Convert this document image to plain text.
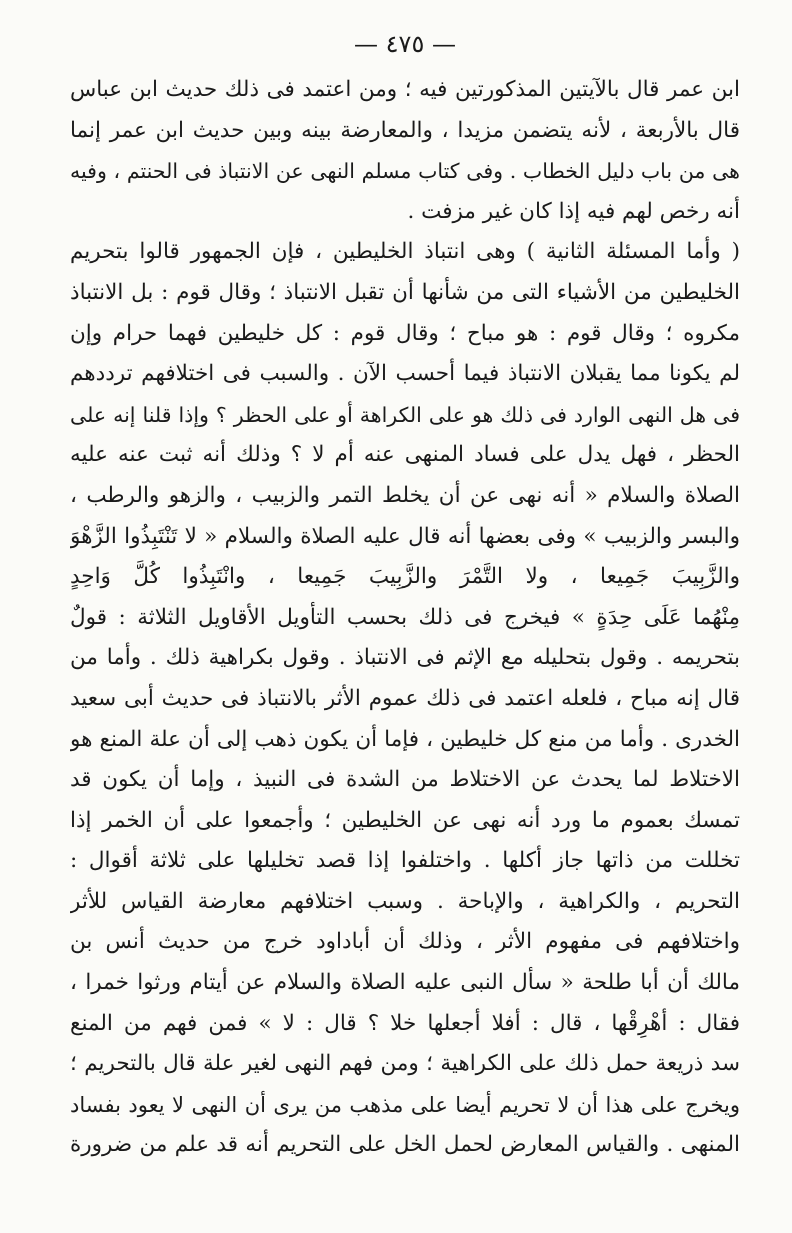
— ٤٧٥ —
ابن عمر قال بالآيتين المذكورتين فيه ؛ ومن اعتمد فى ذلك حديث ابن عباس
قال بالأربعة ، لأنه يتضمن مزيدا ، والمعارضة بينه وبين حديث ابن عمر إنما
هى من باب دليل الخطاب . وفى كتاب مسلم النهى عن الانتباذ فى الحنتم ، وفيه
أنه رخص لهم فيه إذا كان غير مزفت .
( وأما المسئلة الثانية ) وهى انتباذ الخليطين ، فإن الجمهور قالوا بتحريم
الخليطين من الأشياء التى من شأنها أن تقبل الانتباذ ؛ وقال قوم : بل الانتباذ
مكروه ؛ وقال قوم : هو مباح ؛ وقال قوم : كل خليطين فهما حرام وإن
لم يكونا مما يقبلان الانتباذ فيما أحسب الآن . والسبب فى اختلافهم ترددهم
فى هل النهى الوارد فى ذلك هو على الكراهة أو على الحظر ؟ وإذا قلنا إنه على
الحظر ، فهل يدل على فساد المنهى عنه أم لا ؟ وذلك أنه ثبت عنه عليه
الصلاة والسلام « أنه نهى عن أن يخلط التمر والزبيب ، والزهو والرطب ،
والبسر والزبيب » وفى بعضها أنه قال عليه الصلاة والسلام « لا تَنْتَبِذُوا الزَّهْوَ
والزَّبِيبَ جَمِيعا ، ولا التَّمْرَ والزَّبِيبَ جَمِيعا ، وانْتَبِذُوا كُلَّ وَاحِدٍ
مِنْهُما عَلَى حِدَةٍ » فيخرج فى ذلك بحسب التأويل الأقاويل الثلاثة : قولٌ
بتحريمه . وقول بتحليله مع الإثم فى الانتباذ . وقول بكراهية ذلك . وأما من
قال إنه مباح ، فلعله اعتمد فى ذلك عموم الأثر بالانتباذ فى حديث أبى سعيد
الخدرى . وأما من منع كل خليطين ، فإما أن يكون ذهب إلى أن علة المنع هو
الاختلاط لما يحدث عن الاختلاط من الشدة فى النبيذ ، وإما أن يكون قد
تمسك بعموم ما ورد أنه نهى عن الخليطين ؛ وأجمعوا على أن الخمر إذا
تخللت من ذاتها جاز أكلها . واختلفوا إذا قصد تخليلها على ثلاثة أقوال :
التحريم ، والكراهية ، والإباحة . وسبب اختلافهم معارضة القياس للأثر
واختلافهم فى مفهوم الأثر ، وذلك أن أباداود خرج من حديث أنس بن
مالك أن أبا طلحة « سأل النبى عليه الصلاة والسلام عن أيتام ورثوا خمرا ،
فقال : أهْرِقْها ، قال : أفلا أجعلها خلا ؟ قال : لا » فمن فهم من المنع
سد ذريعة حمل ذلك على الكراهية ؛ ومن فهم النهى لغير علة قال بالتحريم ؛
ويخرج على هذا أن لا تحريم أيضا على مذهب من يرى أن النهى لا يعود بفساد
المنهى . والقياس المعارض لحمل الخل على التحريم أنه قد علم من ضرورة
